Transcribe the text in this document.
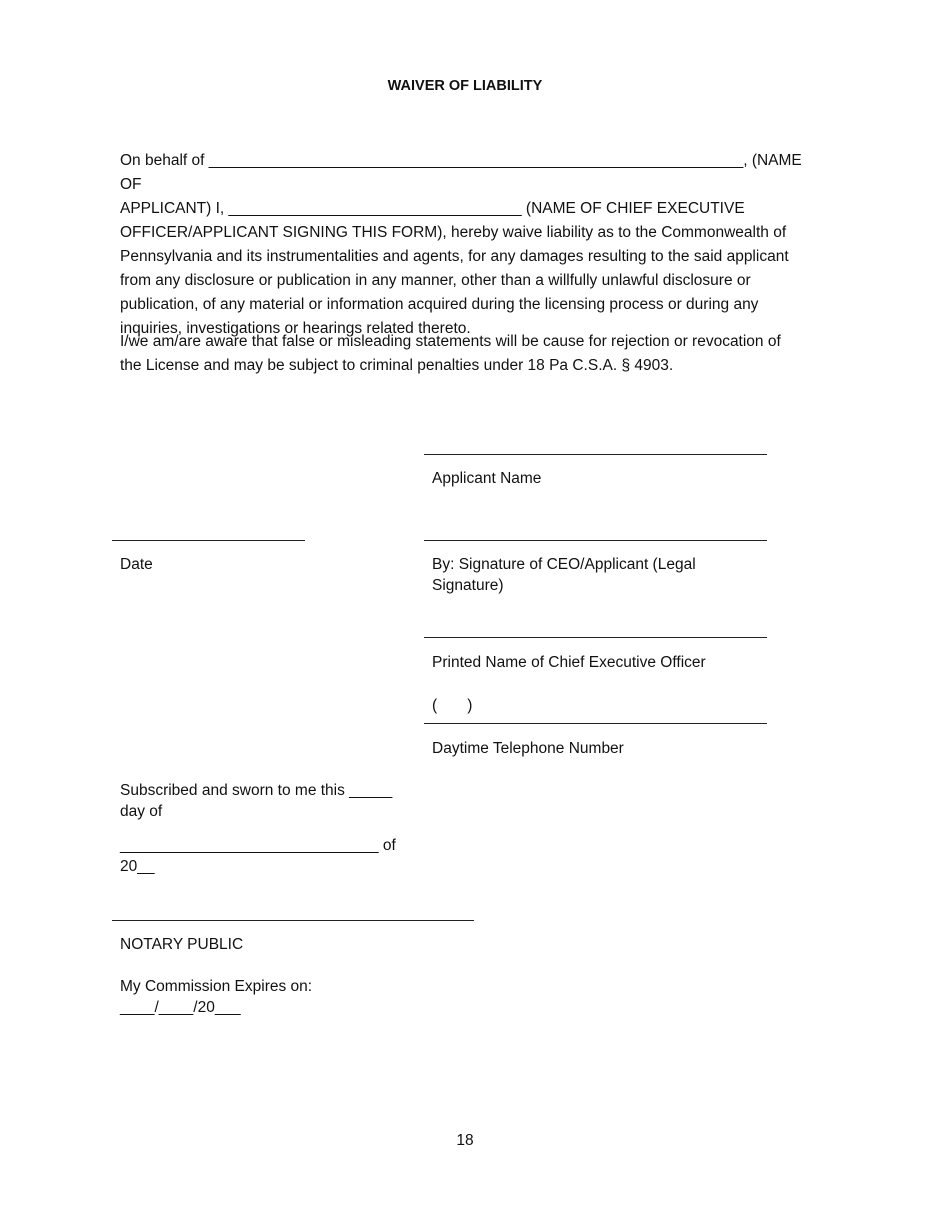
WAIVER OF LIABILITY
On behalf of ______________________________________________________________, (NAME OF
APPLICANT) I, __________________________________ (NAME OF CHIEF EXECUTIVE
OFFICER/APPLICANT SIGNING THIS FORM), hereby waive liability as to the Commonwealth of
Pennsylvania and its instrumentalities and agents, for any damages resulting to the said applicant
from any disclosure or publication in any manner, other than a willfully unlawful disclosure or
publication, of any material or information acquired during the licensing process or during any
inquiries, investigations or hearings related thereto.
I/we am/are aware that false or misleading statements will be cause for rejection or revocation of
the License and may be subject to criminal penalties under 18 Pa C.S.A. § 4903.
Applicant Name
Date	By: Signature of CEO/Applicant (Legal
Signature)
Printed Name of Chief Executive Officer
(       )
Daytime Telephone Number
Subscribed and sworn to me this _____
day of
______________________________ of
20__
NOTARY PUBLIC
My Commission Expires on:
____/____/20___
18
